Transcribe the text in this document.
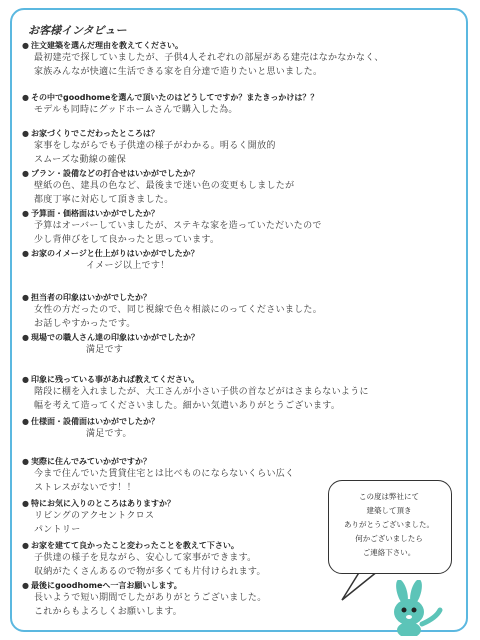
お客様インタビュー
● 注文建築を選んだ理由を教えてください。
最初建売で探していましたが、子供4人それぞれの部屋がある建売はなかなかなく、
家族みんなが快適に生活できる家を自分達で造りたいと思いました。
● その中でgoodhomeを選んで頂いたのはどうしてですか？またきっかけは？？
モデルも同時にグッドホームさんで購入した為。
● お家づくりでこだわったところは？
家事をしながらでも子供達の様子がわかる。明るく開放的
スムーズな動線の確保
● プラン・設備などの打合せはいかがでしたか？
壁紙の色、建具の色など、最後まで迷い色の変更もしましたが
都度丁寧に対応して頂きました。
● 予算面・価格面はいかがでしたか？
予算はオーバーしていましたが、ステキな家を造っていただいたので
少し背伸びをして良かったと思っています。
● お家のイメージと仕上がりはいかがでしたか？
イメージ以上です！
● 担当者の印象はいかがでしたか？
女性の方だったので、同じ視線で色々相談にのってくださいました。
お話しやすかったです。
● 現場での職人さん達の印象はいかがでしたか？
満足です
● 印象に残っている事があれば教えてください。
階段に棚を入れましたが、大工さんが小さい子供の首などがはさまらないように
幅を考えて造ってくださいました。細かい気遣いありがとうございます。
● 仕様面・設備面はいかがでしたか？
満足です。
● 実際に住んでみていかがですか？
今まで住んでいた賃貸住宅とは比べものにならないくらい広く
ストレスがないです！！
● 特にお気に入りのところはありますか？
リビングのアクセントクロス
パントリー
● お家を建てて良かったこと変わったことを教えて下さい。
子供達の様子を見ながら、安心して家事ができます。
収納がたくさんあるので物が多くても片付けられます。
● 最後にgoodhomeへ一言お願いします。
長いようで短い期間でしたがありがとうございました。
これからもよろしくお願いします。
この度は弊社にて
建築して頂き
ありがとうございました。
何かございましたら
ご連絡下さい。
